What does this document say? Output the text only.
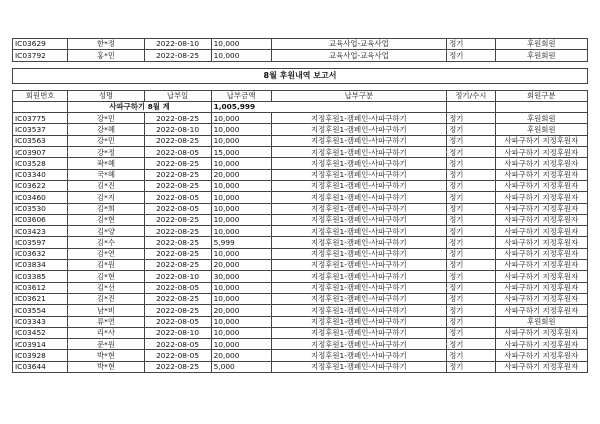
IC03629	한*정	2022-08-10	10,000	교육사업-교육사업	정기	후원회원
IC03792	홍*민	2022-08-25	10,000	교육사업-교육사업	정기	후원회원

8월 후원내역 보고서						

회원번호	성명	납부일	납부금액	납부구분	정기/수시	회원구분
	사파구하기 8월 계		1,005,999			
IC03775	강*민	2022-08-25	10,000	지정후원1-캠페인-사파구하기	정기	후원회원
IC03537	강*혜	2022-08-10	10,000	지정후원1-캠페인-사파구하기	정기	후원회원
IC03563	강*민	2022-08-25	10,000	지정후원1-캠페인-사파구하기	정기	사파구하기 지정후원자
IC03907	강*정	2022-08-05	15,000	지정후원1-캠페인-사파구하기	정기	사파구하기 지정후원자
IC03528	곽*혜	2022-08-25	10,000	지정후원1-캠페인-사파구하기	정기	사파구하기 지정후원자
IC03340	국*혜	2022-08-25	20,000	지정후원1-캠페인-사파구하기	정기	사파구하기 지정후원자
IC03622	김*진	2022-08-25	10,000	지정후원1-캠페인-사파구하기	정기	사파구하기 지정후원자
IC03460	김*지	2022-08-05	10,000	지정후원1-캠페인-사파구하기	정기	사파구하기 지정후원자
IC03530	김*희	2022-08-05	10,000	지정후원1-캠페인-사파구하기	정기	사파구하기 지정후원자
IC03606	김*현	2022-08-25	10,000	지정후원1-캠페인-사파구하기	정기	사파구하기 지정후원자
IC03423	김*양	2022-08-25	10,000	지정후원1-캠페인-사파구하기	정기	사파구하기 지정후원자
IC03597	김*수	2022-08-25	5,999	지정후원1-캠페인-사파구하기	정기	사파구하기 지정후원자
IC03632	김*연	2022-08-25	10,000	지정후원1-캠페인-사파구하기	정기	사파구하기 지정후원자
IC03834	김*원	2022-08-25	20,000	지정후원1-캠페인-사파구하기	정기	사파구하기 지정후원자
IC03385	김*현	2022-08-10	30,000	지정후원1-캠페인-사파구하기	정기	사파구하기 지정후원자
IC03612	김*선	2022-08-05	10,000	지정후원1-캠페인-사파구하기	정기	사파구하기 지정후원자
IC03621	김*진	2022-08-25	10,000	지정후원1-캠페인-사파구하기	정기	사파구하기 지정후원자
IC03554	남*비	2022-08-25	20,000	지정후원1-캠페인-사파구하기	정기	사파구하기 지정후원자
IC03343	류*연	2022-08-05	10,000	지정후원1-캠페인-사파구하기	정기	후원회원
IC03452	리*사	2022-08-10	10,000	지정후원1-캠페인-사파구하기	정기	사파구하기 지정후원자
IC03914	문*원	2022-08-05	10,000	지정후원1-캠페인-사파구하기	정기	사파구하기 지정후원자
IC03928	박*현	2022-08-05	20,000	지정후원1-캠페인-사파구하기	정기	사파구하기 지정후원자
IC03644	박*현	2022-08-25	5,000	지정후원1-캠페인-사파구하기	정기	사파구하기 지정후원자
